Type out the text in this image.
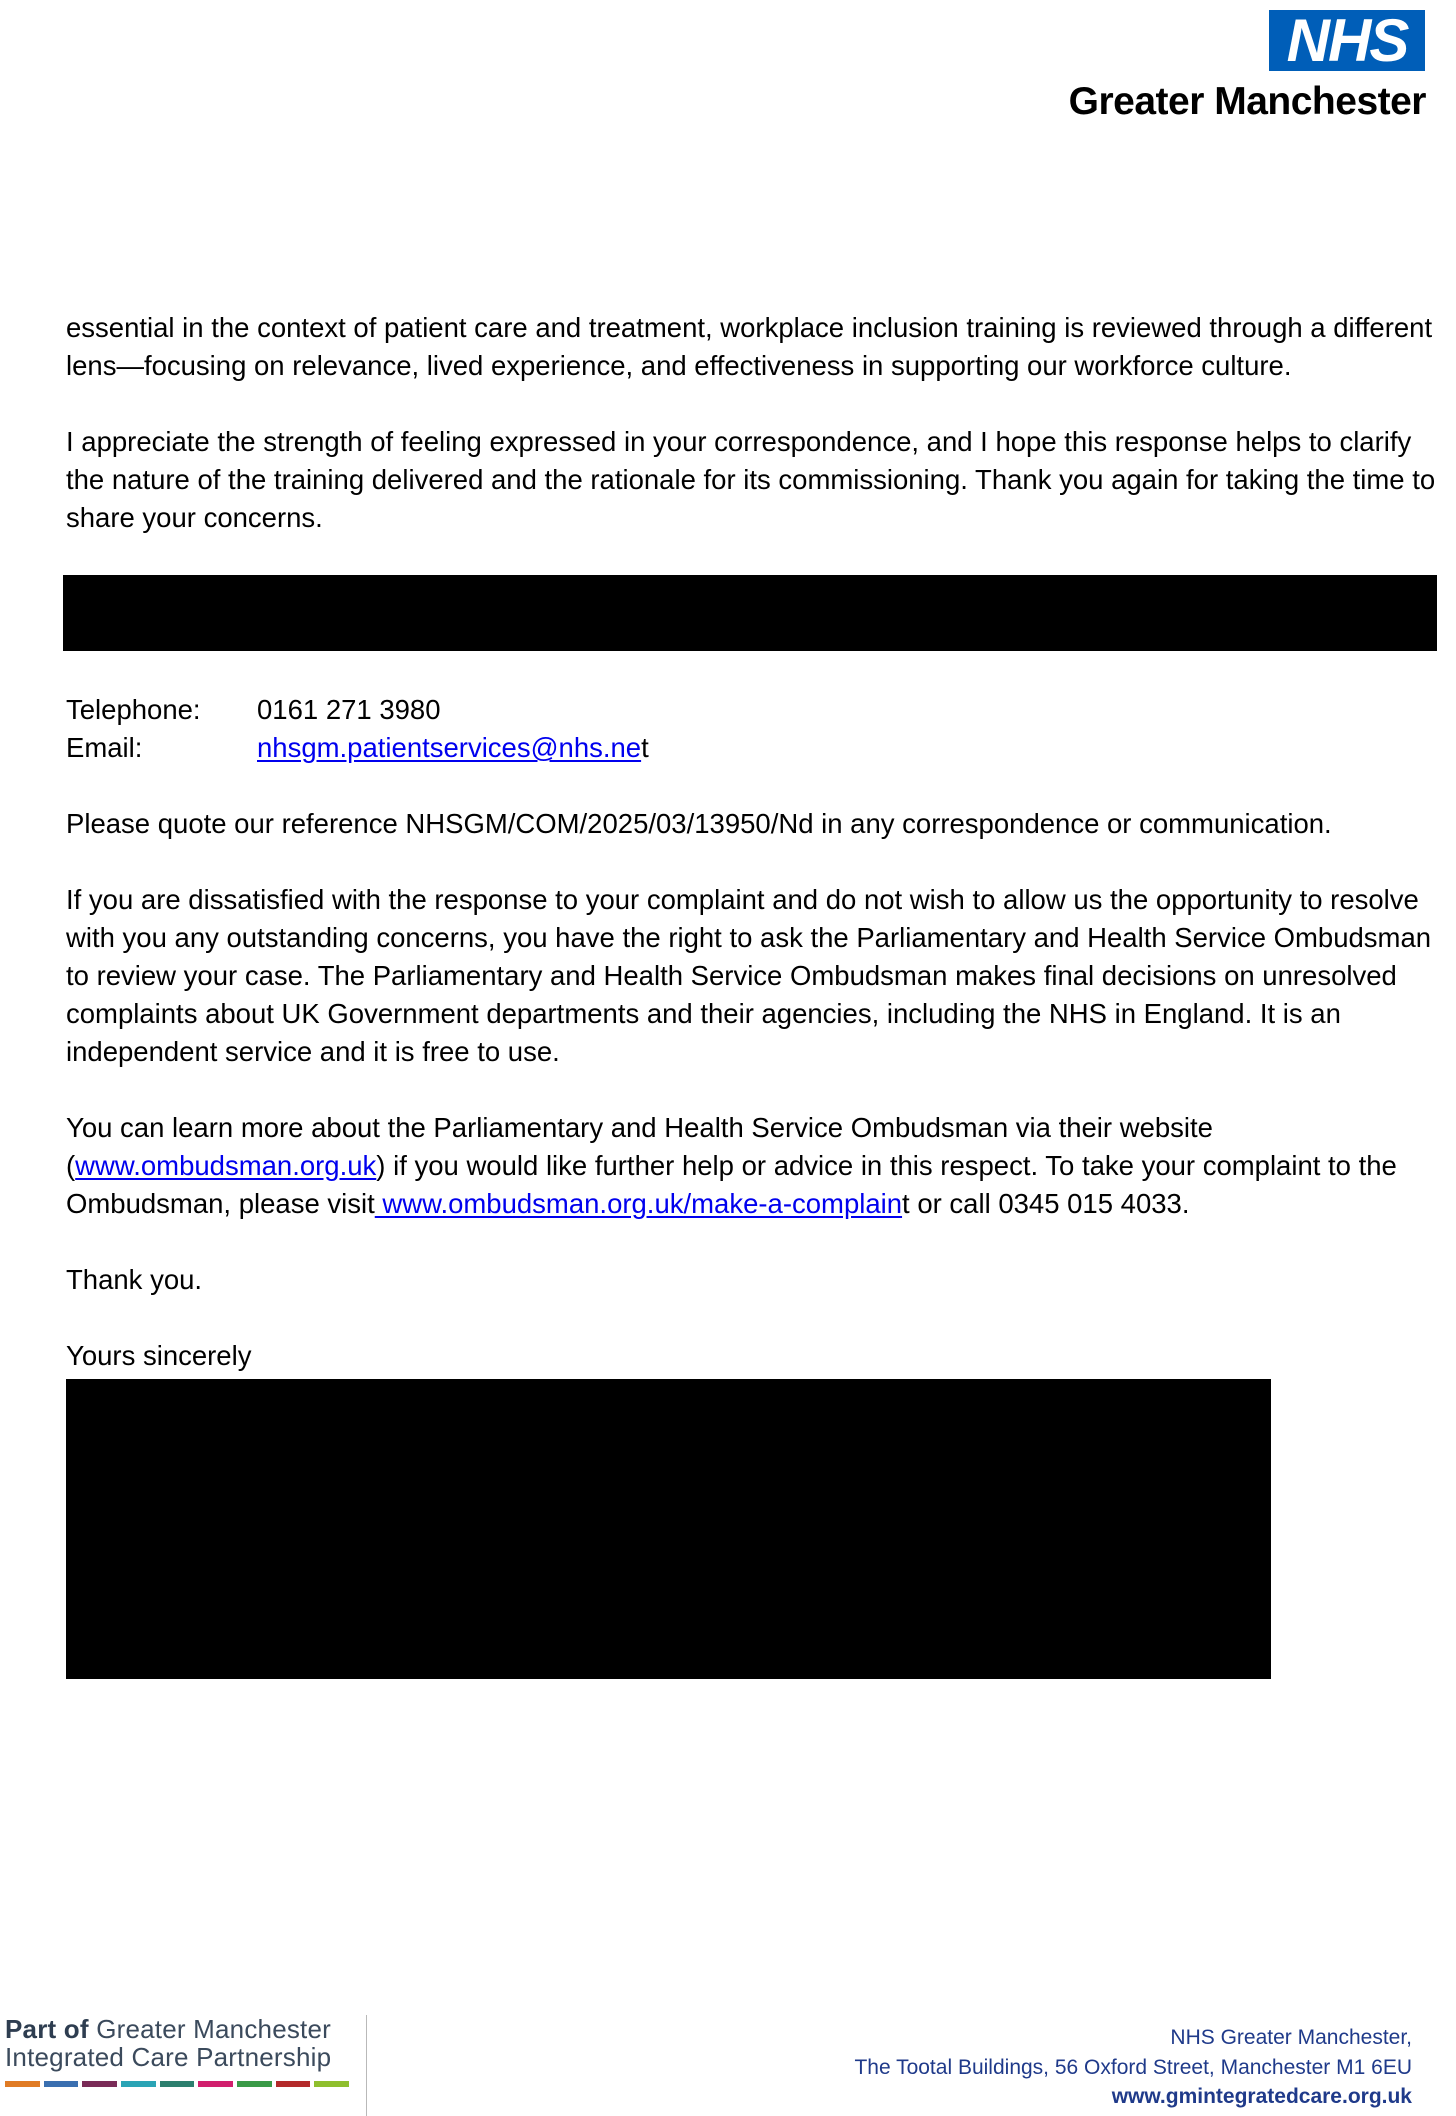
NHS
Greater Manchester

essential in the context of patient care and treatment, workplace inclusion training is reviewed through a different lens—focusing on relevance, lived experience, and effectiveness in supporting our workforce culture.

I appreciate the strength of feeling expressed in your correspondence, and I hope this response helps to clarify the nature of the training delivered and the rationale for its commissioning. Thank you again for taking the time to share your concerns.

Telephone:	0161 271 3980
Email:	nhsgm.patientservices@nhs.net

Please quote our reference NHSGM/COM/2025/03/13950/Nd in any correspondence or communication.

If you are dissatisfied with the response to your complaint and do not wish to allow us the opportunity to resolve with you any outstanding concerns, you have the right to ask the Parliamentary and Health Service Ombudsman to review your case. The Parliamentary and Health Service Ombudsman makes final decisions on unresolved complaints about UK Government departments and their agencies, including the NHS in England. It is an independent service and it is free to use.

You can learn more about the Parliamentary and Health Service Ombudsman via their website (www.ombudsman.org.uk) if you would like further help or advice in this respect. To take your complaint to the Ombudsman, please visit www.ombudsman.org.uk/make-a-complaint or call 0345 015 4033.

Thank you.

Yours sincerely

Part of Greater Manchester
Integrated Care Partnership
NHS Greater Manchester,
The Tootal Buildings, 56 Oxford Street, Manchester M1 6EU
www.gmintegratedcare.org.uk
